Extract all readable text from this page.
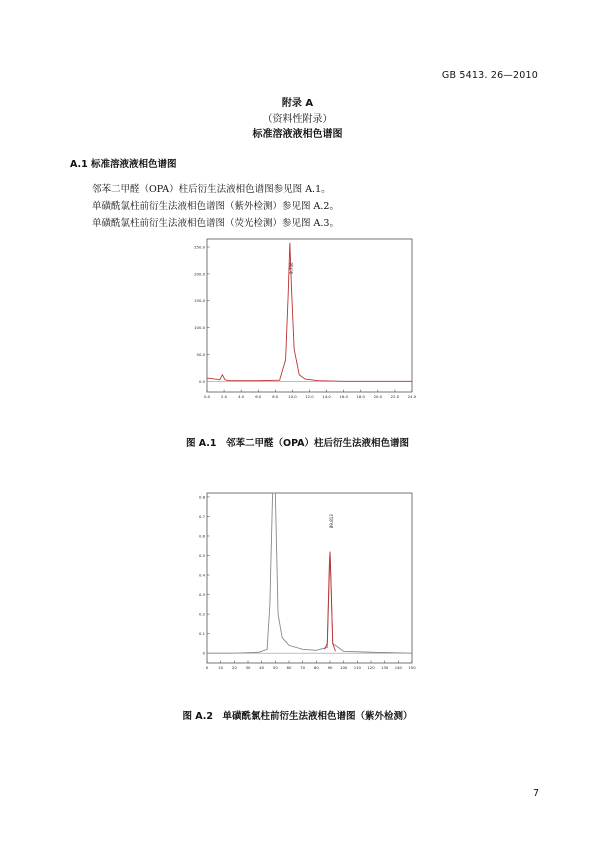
GB 5413. 26—2010
附录 A
（资料性附录）
标准溶液液相色谱图
A.1 标准溶液液相色谱图
邻苯二甲醛（OPA）柱后衍生法液相色谱图参见图 A.1。
单磺酰氯柱前衍生法液相色谱图（紫外检测）参见图 A.2。
单磺酰氯柱前衍生法液相色谱图（荧光检测）参见图 A.3。
0.0
50.0
100.0
150.0
200.0
250.0
0.0	2.0	4.0	6.0	8.0	10.0 12.0 14.0 16.0 18.0 20.0 22.0 24.0
9.730
图 A.1　邻苯二甲醛（OPA）柱后衍生法液相色谱图
0
0.1
0.2
0.3
0.4
0.5
0.6
0.7
0.8
0	10 20 30 40 50 60 70 80 90 100 110 120 130 140 150
89.813
图 A.2　单磺酰氯柱前衍生法液相色谱图（紫外检测）
7
